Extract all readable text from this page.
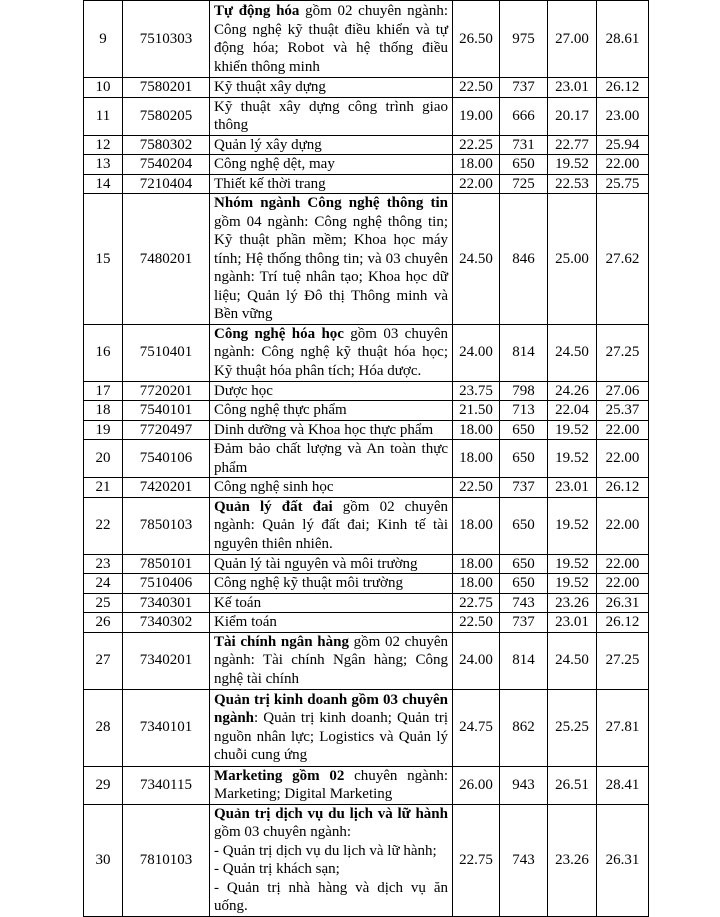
9	7510303	Tự động hóa gồm 02 chuyên ngành: Công nghệ kỹ thuật điều khiển và tự động hóa; Robot và hệ thống điều khiển thông minh	26.50	975	27.00	28.61
10	7580201	Kỹ thuật xây dựng	22.50	737	23.01	26.12
11	7580205	Kỹ thuật xây dựng công trình giao thông	19.00	666	20.17	23.00
12	7580302	Quản lý xây dựng	22.25	731	22.77	25.94
13	7540204	Công nghệ dệt, may	18.00	650	19.52	22.00
14	7210404	Thiết kế thời trang	22.00	725	22.53	25.75
15	7480201	Nhóm ngành Công nghệ thông tin gồm 04 ngành: Công nghệ thông tin; Kỹ thuật phần mềm; Khoa học máy tính; Hệ thống thông tin; và 03 chuyên ngành: Trí tuệ nhân tạo; Khoa học dữ liệu; Quản lý Đô thị Thông minh và Bền vững	24.50	846	25.00	27.62
16	7510401	Công nghệ hóa học gồm 03 chuyên ngành: Công nghệ kỹ thuật hóa học; Kỹ thuật hóa phân tích; Hóa dược.	24.00	814	24.50	27.25
17	7720201	Dược học	23.75	798	24.26	27.06
18	7540101	Công nghệ thực phẩm	21.50	713	22.04	25.37
19	7720497	Dinh dưỡng và Khoa học thực phẩm	18.00	650	19.52	22.00
20	7540106	Đảm bảo chất lượng và An toàn thực phẩm	18.00	650	19.52	22.00
21	7420201	Công nghệ sinh học	22.50	737	23.01	26.12
22	7850103	Quản lý đất đai gồm 02 chuyên ngành: Quản lý đất đai; Kinh tế tài nguyên thiên nhiên.	18.00	650	19.52	22.00
23	7850101	Quản lý tài nguyên và môi trường	18.00	650	19.52	22.00
24	7510406	Công nghệ kỹ thuật môi trường	18.00	650	19.52	22.00
25	7340301	Kế toán	22.75	743	23.26	26.31
26	7340302	Kiểm toán	22.50	737	23.01	26.12
27	7340201	Tài chính ngân hàng gồm 02 chuyên ngành: Tài chính Ngân hàng; Công nghệ tài chính	24.00	814	24.50	27.25
28	7340101	Quản trị kinh doanh gồm 03 chuyên ngành: Quản trị kinh doanh; Quản trị nguồn nhân lực; Logistics và Quản lý chuỗi cung ứng	24.75	862	25.25	27.81
29	7340115	Marketing gồm 02 chuyên ngành: Marketing; Digital Marketing	26.00	943	26.51	28.41
30	7810103	Quản trị dịch vụ du lịch và lữ hành gồm 03 chuyên ngành:
- Quản trị dịch vụ du lịch và lữ hành;
- Quản trị khách sạn;
- Quản trị nhà hàng và dịch vụ ăn uống.	22.75	743	23.26	26.31
